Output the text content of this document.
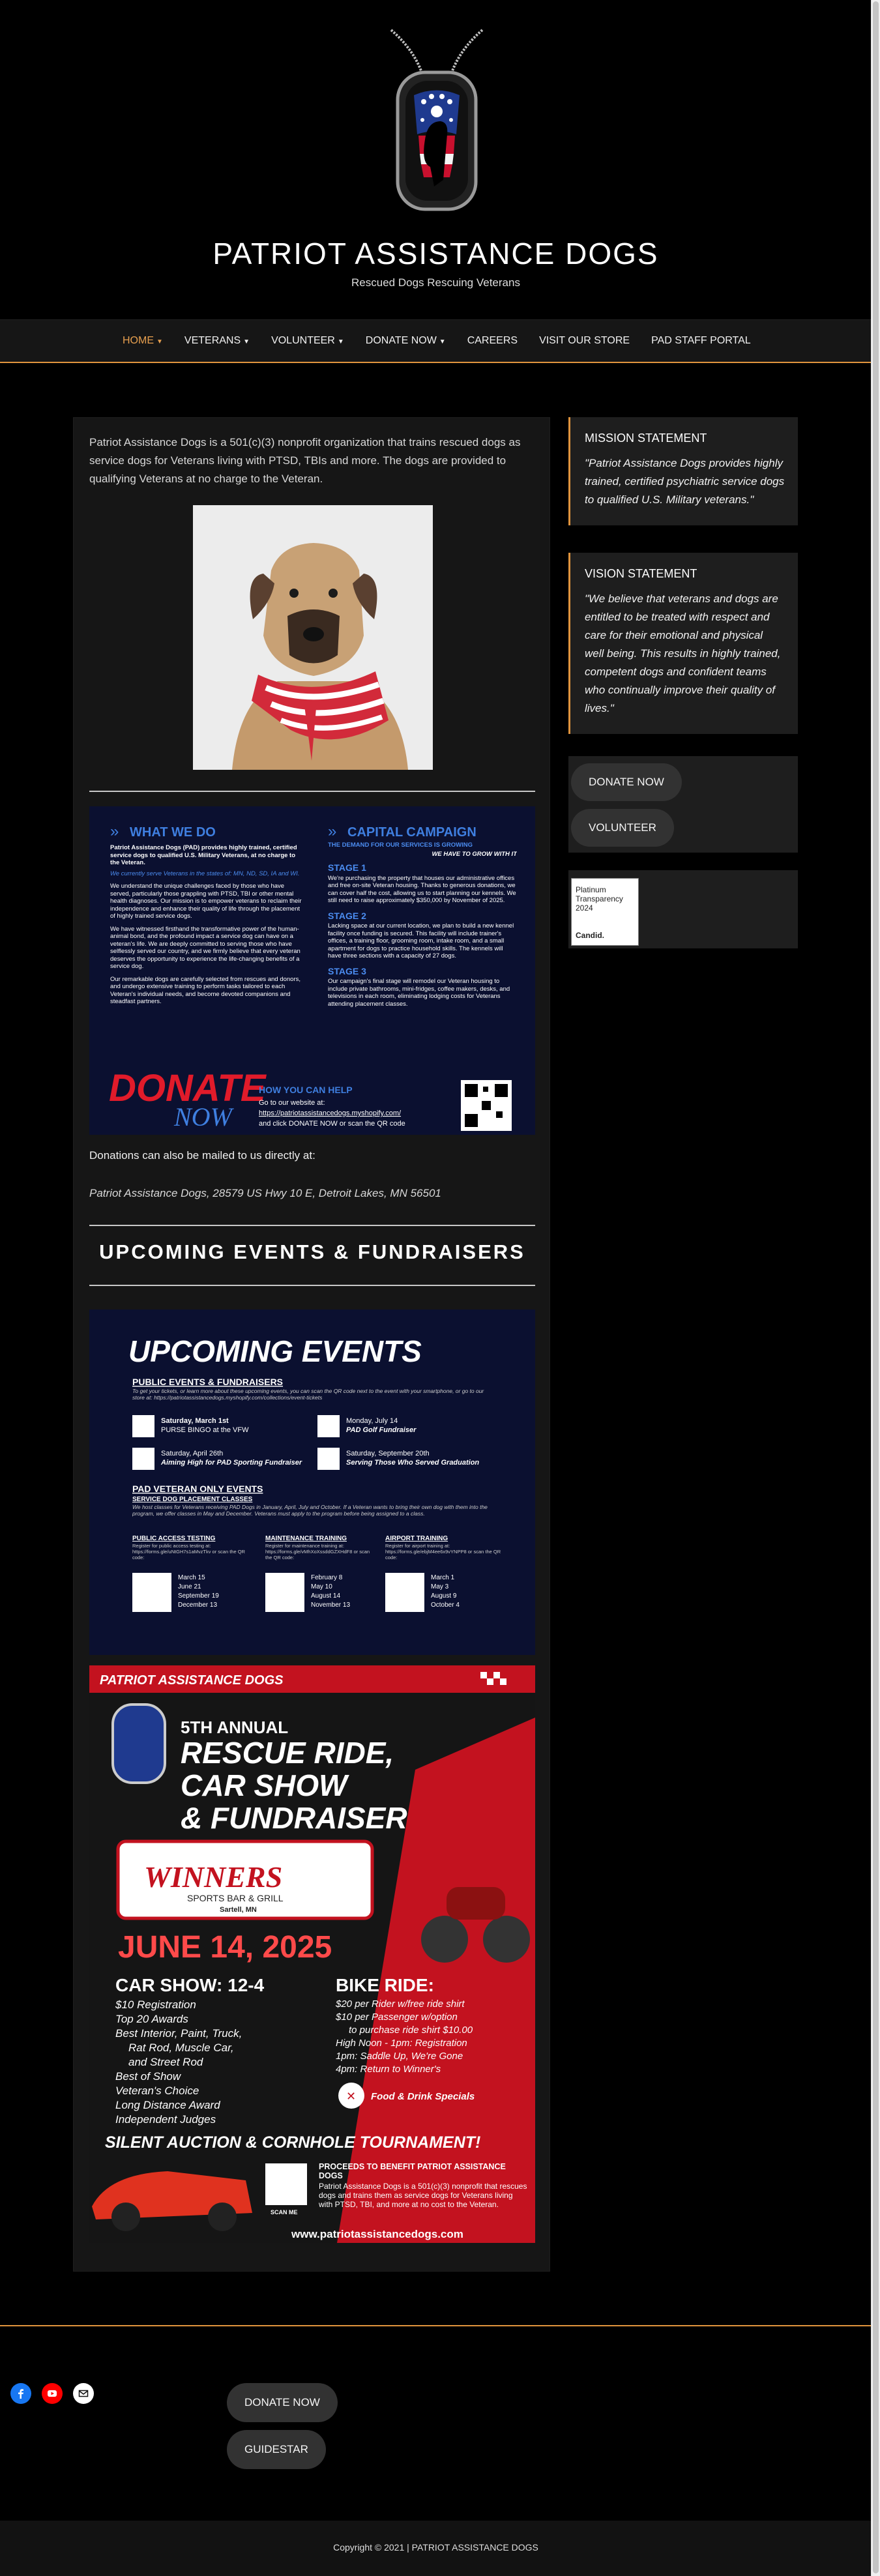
PATRIOT ASSISTANCE DOGS
Rescued Dogs Rescuing Veterans
HOME ▼ VETERANS ▼ VOLUNTEER ▼ DONATE NOW ▼ CAREERS VISIT OUR STORE PAD STAFF PORTAL

Patriot Assistance Dogs is a 501(c)(3) nonprofit organization that trains rescued dogs as service dogs for Veterans living with PTSD, TBIs and more. The dogs are provided to qualifying Veterans at no charge to the Veteran.

» WHAT WE DO
Patriot Assistance Dogs (PAD) provides highly trained, certified service dogs to qualified U.S. Military Veterans, at no charge to the Veteran.
We currently serve Veterans in the states of: MN, ND, SD, IA and WI.
We understand the unique challenges faced by those who have served, particularly those grappling with PTSD, TBI or other mental health diagnoses. Our mission is to empower veterans to reclaim their independence and enhance their quality of life through the placement of highly trained service dogs.
We have witnessed firsthand the transformative power of the human-animal bond, and the profound impact a service dog can have on a veteran's life. We are deeply committed to serving those who have selflessly served our country, and we firmly believe that every veteran deserves the opportunity to experience the life-changing benefits of a service dog.
Our remarkable dogs are carefully selected from rescues and donors, and undergo extensive training to perform tasks tailored to each Veteran's individual needs, and become devoted companions and steadfast partners.
» CAPITAL CAMPAIGN
THE DEMAND FOR OUR SERVICES IS GROWING
WE HAVE TO GROW WITH IT
STAGE 1
We're purchasing the property that houses our administrative offices and free on-site Veteran housing. Thanks to generous donations, we can cover half the cost, allowing us to start planning our kennels. We still need to raise approximately $350,000 by November of 2025.
STAGE 2
Lacking space at our current location, we plan to build a new kennel facility once funding is secured. This facility will include trainer's offices, a training floor, grooming room, intake room, and a small apartment for dogs to practice household skills. The kennels will have three sections with a capacity of 27 dogs.
STAGE 3
Our campaign's final stage will remodel our Veteran housing to include private bathrooms, mini-fridges, coffee makers, desks, and televisions in each room, eliminating lodging costs for Veterans attending placement classes.
DONATE
NOW
HOW YOU CAN HELP
Go to our website at:
https://patriotassistancedogs.myshopify.com/
and click DONATE NOW or scan the QR code
Donations can also be mailed to us directly at:
Patriot Assistance Dogs, 28579 US Hwy 10 E, Detroit Lakes, MN 56501
UPCOMING EVENTS & FUNDRAISERS
UPCOMING EVENTS
PUBLIC EVENTS & FUNDRAISERS
To get your tickets, or learn more about these upcoming events, you can scan the QR code next to the event with your smartphone, or go to our store at: https://patriotassistancedogs.myshopify.com/collections/event-tickets
Saturday, March 1st
PURSE BINGO at the VFW
Monday, July 14
PAD Golf Fundraiser
Saturday, April 26th
Aiming High for PAD Sporting Fundraiser
Saturday, September 20th
Serving Those Who Served Graduation
PAD VETERAN ONLY EVENTS
SERVICE DOG PLACEMENT CLASSES
We host classes for Veterans receiving PAD Dogs in January, April, July and October. If a Veteran wants to bring their own dog with them into the program, we offer classes in May and December. Veterans must apply to the program before being assigned to a class.
PUBLIC ACCESS TESTING	MAINTENANCE TRAINING	AIRPORT TRAINING
Register for public access testing at: https://forms.gle/uNtGH7s1aMvzTkv or scan the QR code:
Register for maintenance training at: https://forms.gle/vMhXoXssddGZXHdF8 or scan the QR code:
Register for airport training at: https://forms.gle/ebjM4ee6x9vYNPP8 or scan the QR code:
March 15
June 21
September 19
December 13
February 8
May 10
August 14
November 13
March 1
May 3
August 9
October 4
PATRIOT ASSISTANCE DOGS
5TH ANNUAL
RESCUE RIDE,
CAR SHOW
& FUNDRAISER
WINNERS
SPORTS BAR & GRILL
Sartell, MN
JUNE 14, 2025
CAR SHOW: 12-4
$10 Registration
Top 20 Awards
Best Interior, Paint, Truck,
Rat Rod, Muscle Car,
and Street Rod
Best of Show
Veteran's Choice
Long Distance Award
Independent Judges
BIKE RIDE:
$20 per Rider w/free ride shirt
$10 per Passenger w/option
to purchase ride shirt $10.00
High Noon - 1pm: Registration
1pm: Saddle Up, We're Gone
4pm: Return to Winner's
✕ Food & Drink Specials
SILENT AUCTION & CORNHOLE TOURNAMENT!
SCAN ME
PROCEEDS TO BENEFIT PATRIOT ASSISTANCE DOGS
Patriot Assistance Dogs is a 501(c)(3) nonprofit that rescues dogs and trains them as service dogs for Veterans living with PTSD, TBI, and more at no cost to the Veteran.
www.patriotassistancedogs.com
MISSION STATEMENT

"Patriot Assistance Dogs provides highly trained, certified psychiatric service dogs to qualified U.S. Military veterans."

VISION STATEMENT

"We believe that veterans and dogs are entitled to be treated with respect and care for their emotional and physical well being. This results in highly trained, competent dogs and confident teams who continually improve their quality of lives."

DONATE NOW
VOLUNTEER
Platinum
Transparency
2024
Candid.
DONATE NOW
GUIDESTAR
Copyright © 2021 | PATRIOT ASSISTANCE DOGS
